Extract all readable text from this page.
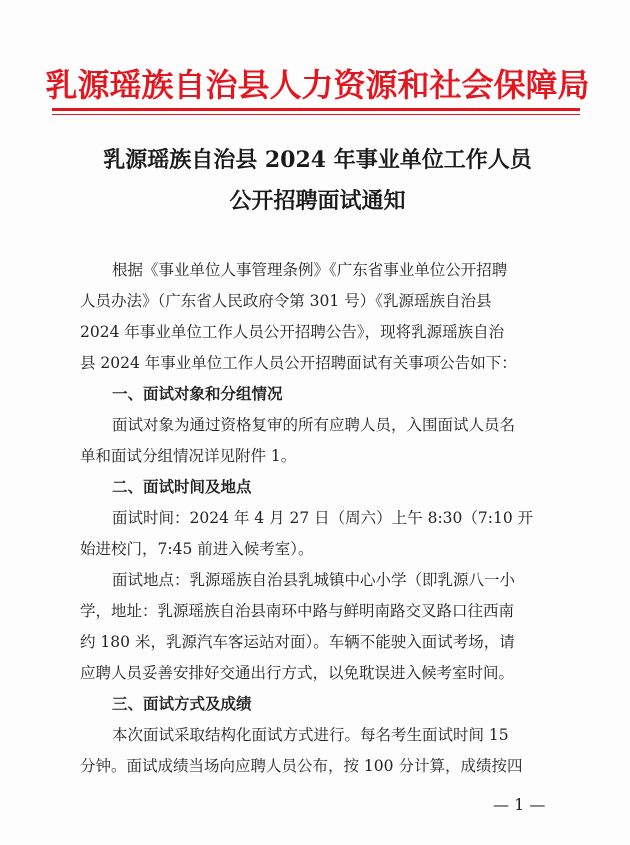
乳源瑶族自治县人力资源和社会保障局
乳源瑶族自治县 2024 年事业单位工作人员
公开招聘面试通知
根据《事业单位人事管理条例》《广东省事业单位公开招聘
人员办法》（广东省人民政府令第 301 号）《乳源瑶族自治县
2024 年事业单位工作人员公开招聘公告》，现将乳源瑶族自治
县 2024 年事业单位工作人员公开招聘面试有关事项公告如下：
一、面试对象和分组情况
面试对象为通过资格复审的所有应聘人员，入围面试人员名
单和面试分组情况详见附件 1。
二、面试时间及地点
面试时间：2024 年 4 月 27 日（周六）上午 8:30（7:10 开
始进校门，7:45 前进入候考室）。
面试地点：乳源瑶族自治县乳城镇中心小学（即乳源八一小
学，地址：乳源瑶族自治县南环中路与鲜明南路交叉路口往西南
约 180 米，乳源汽车客运站对面）。车辆不能驶入面试考场，请
应聘人员妥善安排好交通出行方式，以免耽误进入候考室时间。
三、面试方式及成绩
本次面试采取结构化面试方式进行。每名考生面试时间 15
分钟。面试成绩当场向应聘人员公布，按 100 分计算，成绩按四
— 1 —
